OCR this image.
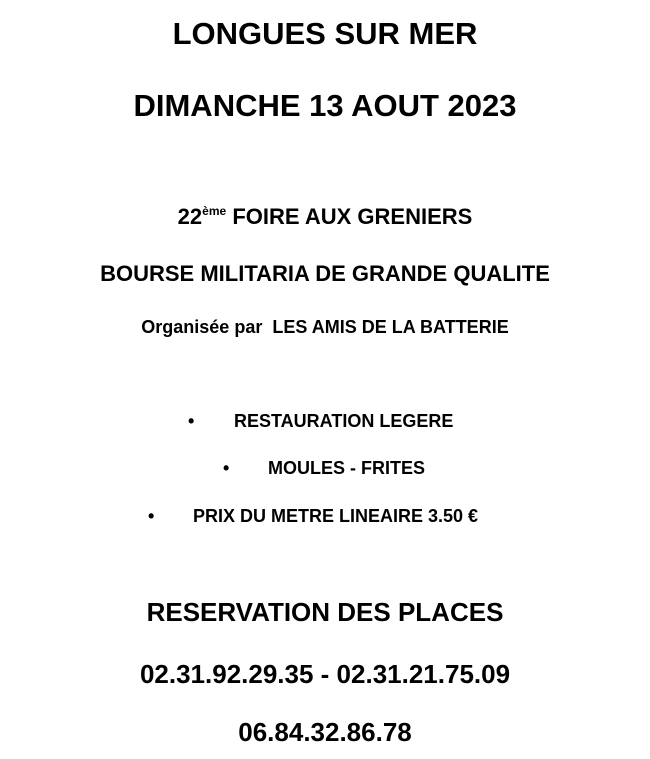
LONGUES SUR MER
DIMANCHE 13 AOUT 2023
22ème FOIRE AUX GRENIERS
BOURSE MILITARIA DE GRANDE QUALITE
Organisée par LES AMIS DE LA BATTERIE
• RESTAURATION LEGERE
• MOULES - FRITES
• PRIX DU METRE LINEAIRE 3.50 €
RESERVATION DES PLACES
02.31.92.29.35 - 02.31.21.75.09
06.84.32.86.78
